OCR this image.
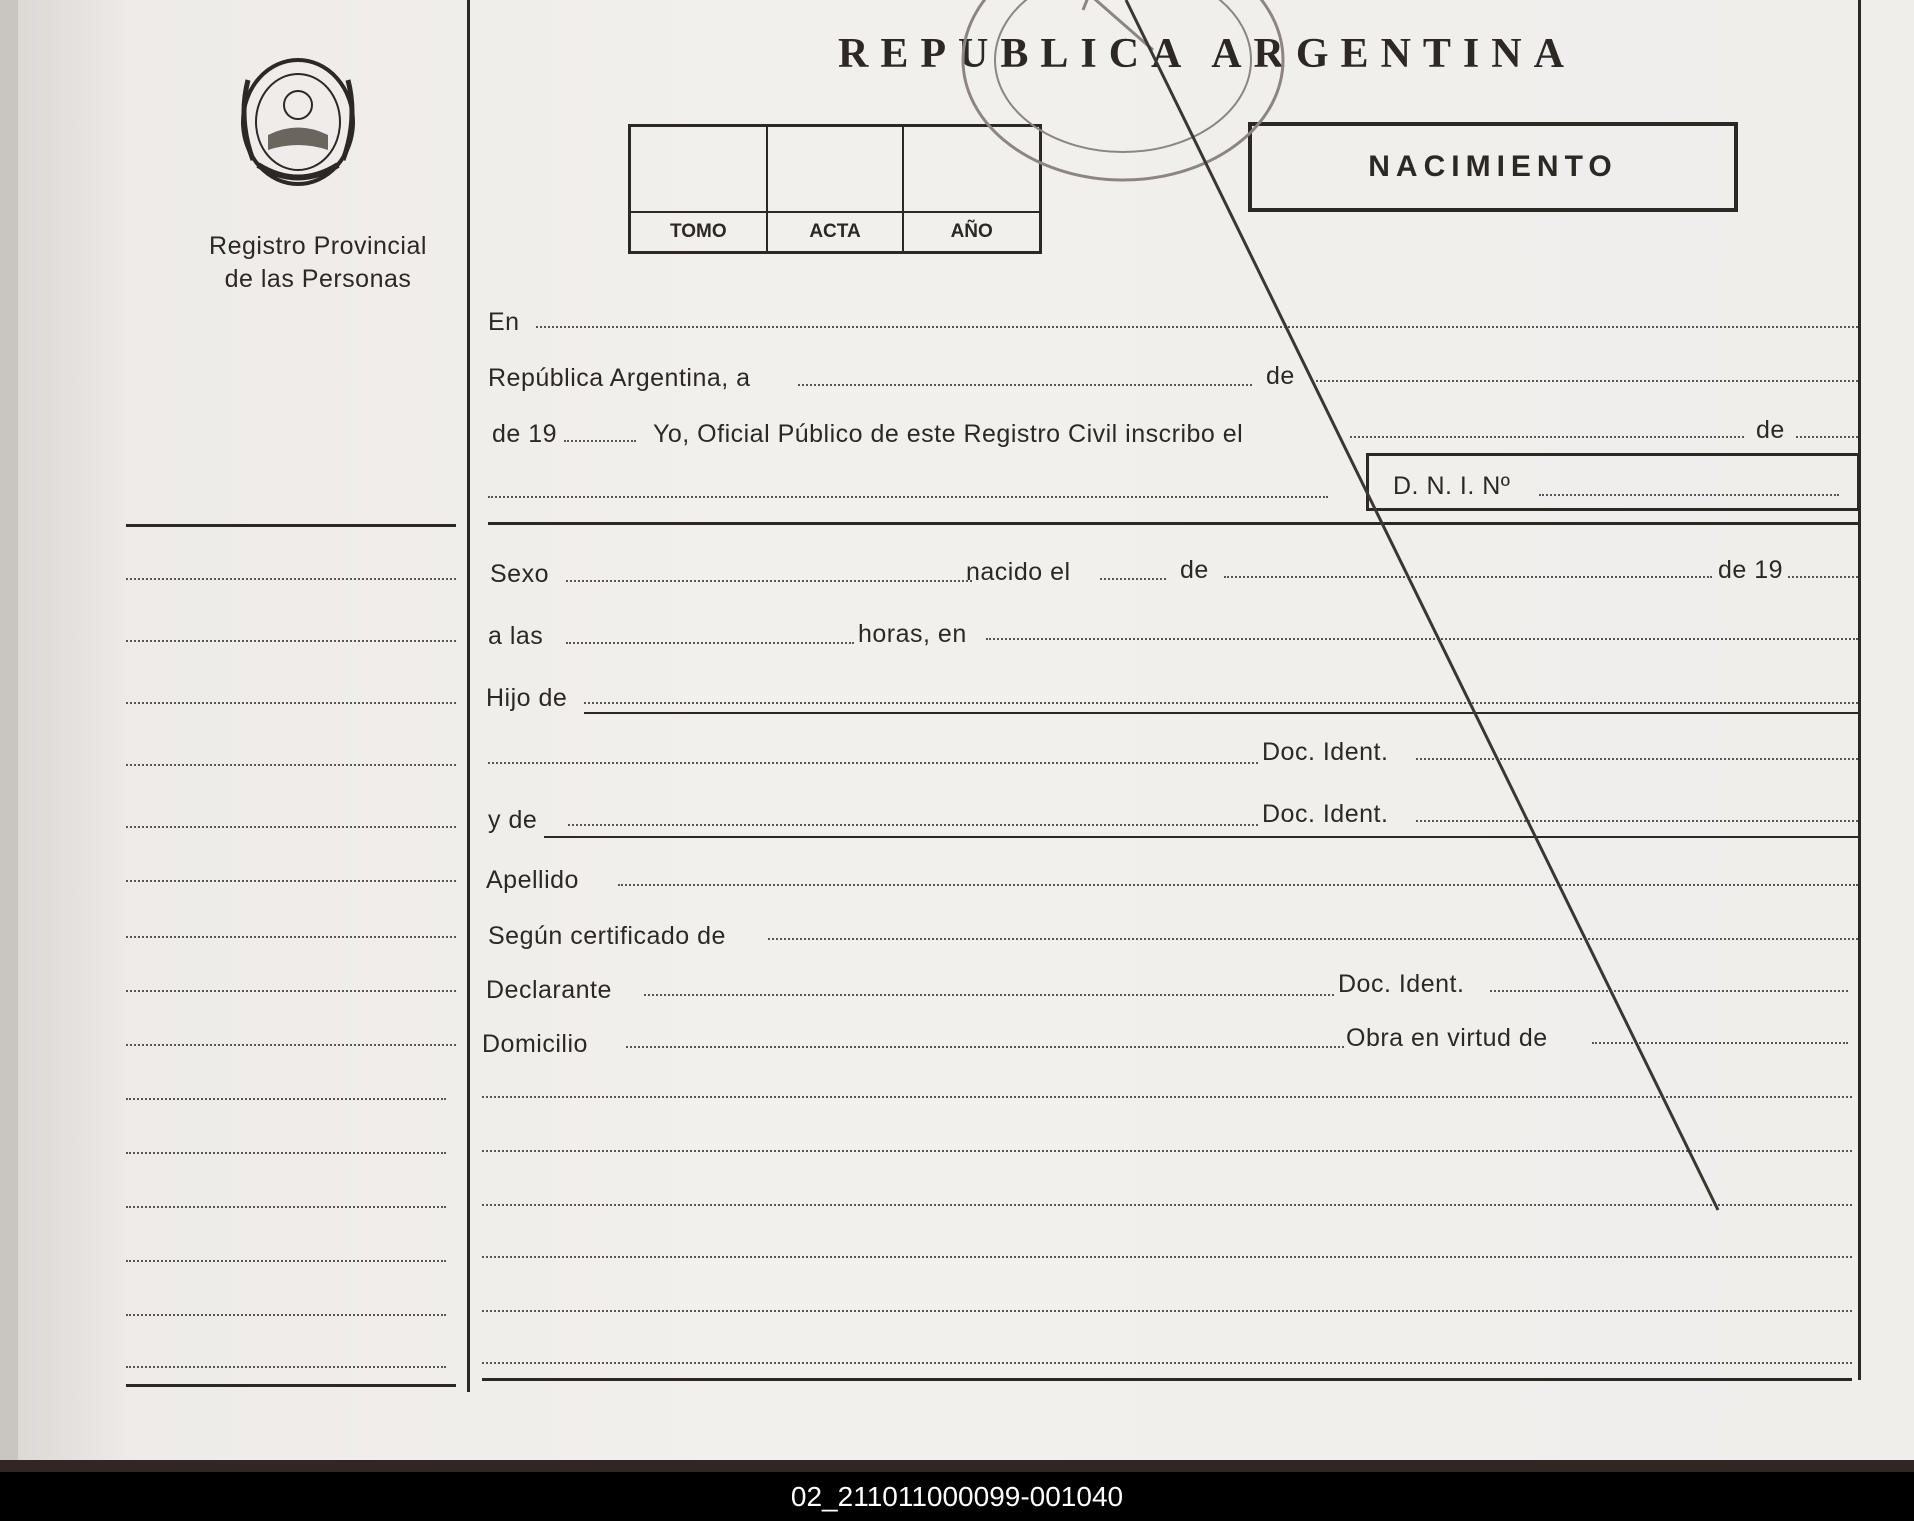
Registro Provincial
de las Personas
REPUBLICA ARGENTINA
TOMO	ACTA	AÑO
NACIMIENTO
En
República Argentina, a	de
de 19	Yo, Oficial Público de este Registro Civil inscribo el	de
D. N. I. Nº
Sexo	nacido el	de	de 19
a las	horas, en
Hijo de
Doc. Ident.
y de	Doc. Ident.
Apellido
Según certificado de
Declarante	Doc. Ident.
Domicilio	Obra en virtud de
02_211011000099-001040
